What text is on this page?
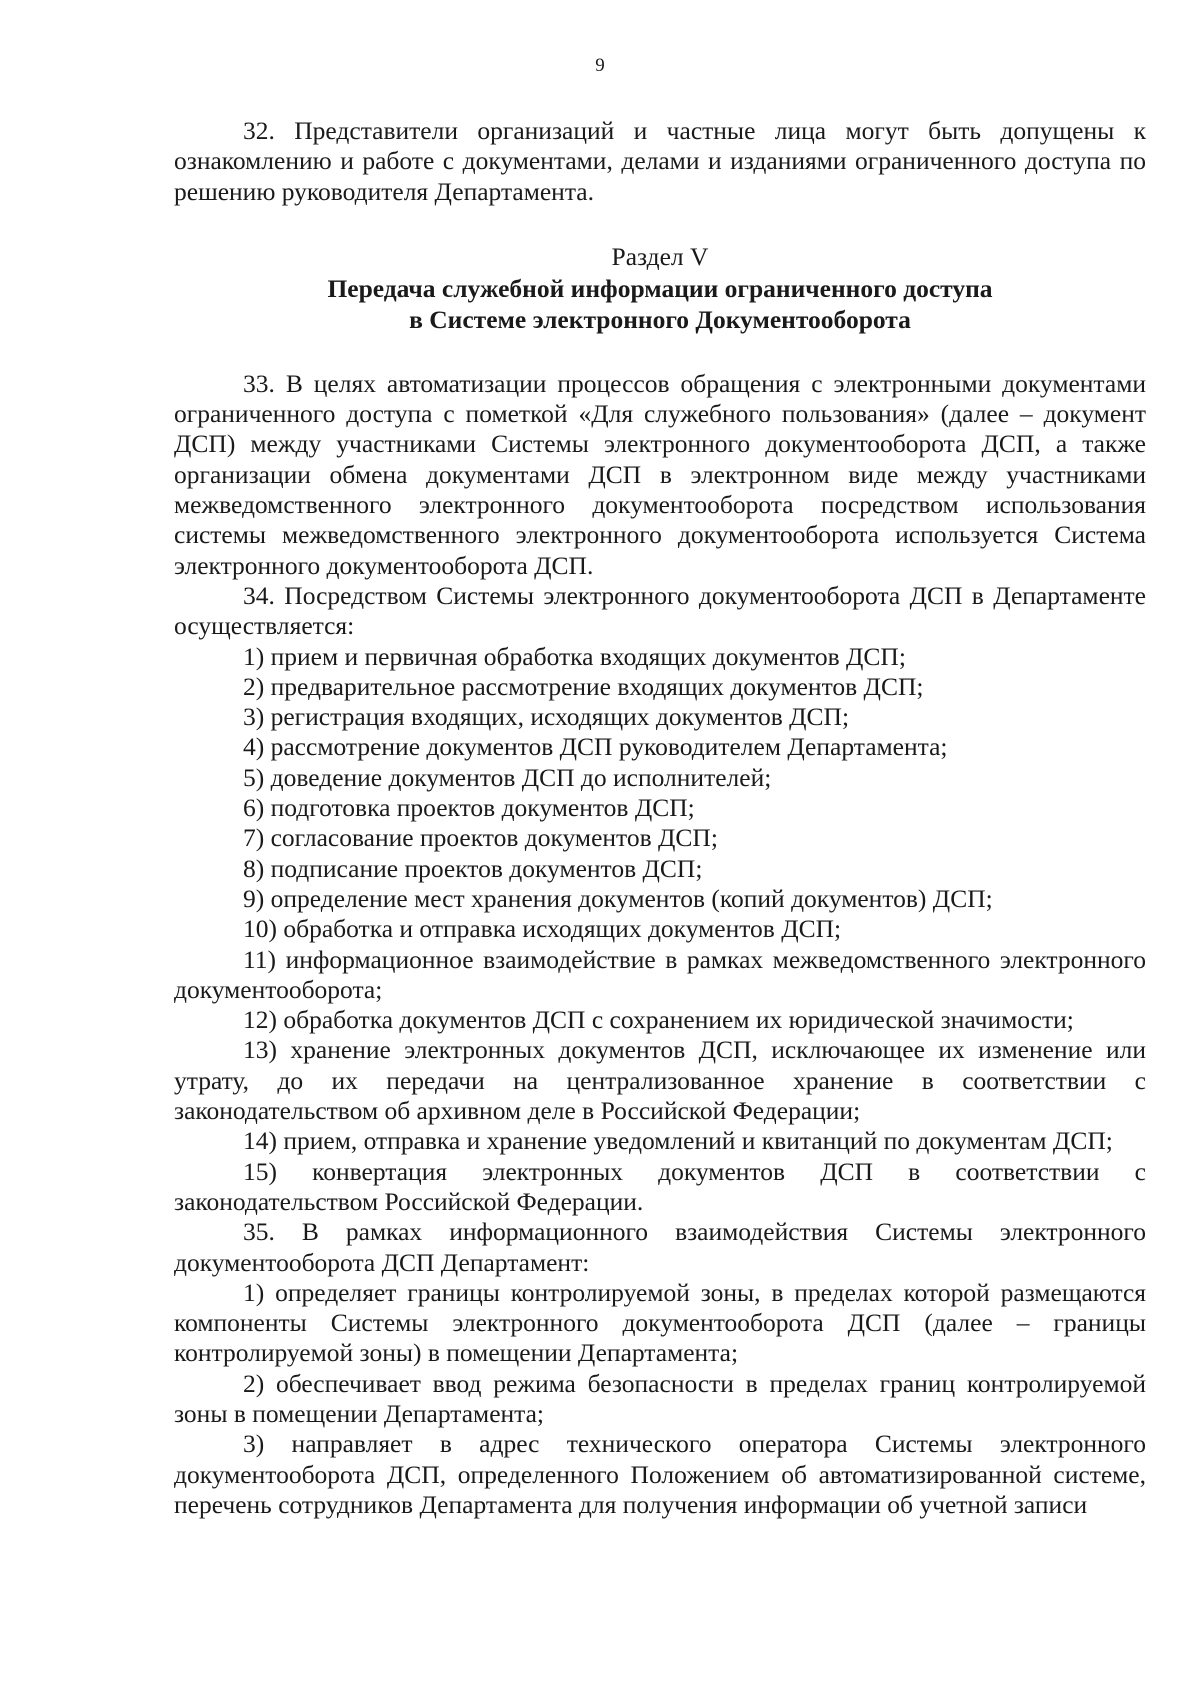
9

32. Представители организаций и частные лица могут быть допущены к ознакомлению и работе с документами, делами и изданиями ограниченного доступа по решению руководителя Департамента.

Раздел V
Передача служебной информации ограниченного доступа
в Системе электронного Документооборота

33. В целях автоматизации процессов обращения с электронными документами ограниченного доступа с пометкой «Для служебного пользования» (далее – документ ДСП) между участниками Системы электронного документооборота ДСП, а также организации обмена документами ДСП в электронном виде между участниками межведомственного электронного документооборота посредством использования системы межведомственного электронного документооборота используется Система электронного документооборота ДСП.

34. Посредством Системы электронного документооборота ДСП в Департаменте осуществляется:

1) прием и первичная обработка входящих документов ДСП;

2) предварительное рассмотрение входящих документов ДСП;

3) регистрация входящих, исходящих документов ДСП;

4) рассмотрение документов ДСП руководителем Департамента;

5) доведение документов ДСП до исполнителей;

6) подготовка проектов документов ДСП;

7) согласование проектов документов ДСП;

8) подписание проектов документов ДСП;

9) определение мест хранения документов (копий документов) ДСП;

10) обработка и отправка исходящих документов ДСП;

11) информационное взаимодействие в рамках межведомственного электронного документооборота;

12) обработка документов ДСП с сохранением их юридической значимости;

13) хранение электронных документов ДСП, исключающее их изменение или утрату, до их передачи на централизованное хранение в соответствии с законодательством об архивном деле в Российской Федерации;

14) прием, отправка и хранение уведомлений и квитанций по документам ДСП;

15) конвертация электронных документов ДСП в соответствии с законодательством Российской Федерации.

35. В рамках информационного взаимодействия Системы электронного документооборота ДСП Департамент:

1) определяет границы контролируемой зоны, в пределах которой размещаются компоненты Системы электронного документооборота ДСП (далее – границы контролируемой зоны) в помещении Департамента;

2) обеспечивает ввод режима безопасности в пределах границ контролируемой зоны в помещении Департамента;

3) направляет в адрес технического оператора Системы электронного документооборота ДСП, определенного Положением об автоматизированной системе, перечень сотрудников Департамента для получения информации об учетной записи
